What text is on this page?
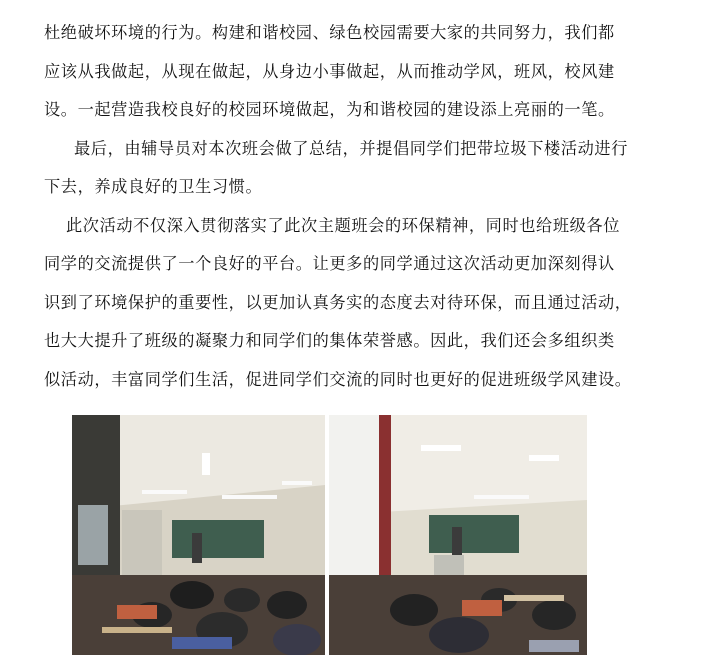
杜绝破坏环境的行为。构建和谐校园、绿色校园需要大家的共同努力，我们都
应该从我做起，从现在做起，从身边小事做起，从而推动学风，班风，校风建
设。一起营造我校良好的校园环境做起，为和谐校园的建设添上亮丽的一笔。
最后，由辅导员对本次班会做了总结，并提倡同学们把带垃圾下楼活动进行
下去，养成良好的卫生习惯。
此次活动不仅深入贯彻落实了此次主题班会的环保精神，同时也给班级各位
同学的交流提供了一个良好的平台。让更多的同学通过这次活动更加深刻得认
识到了环境保护的重要性，以更加认真务实的态度去对待环保，而且通过活动，
也大大提升了班级的凝聚力和同学们的集体荣誉感。因此，我们还会多组织类
似活动，丰富同学们生活，促进同学们交流的同时也更好的促进班级学风建设。
